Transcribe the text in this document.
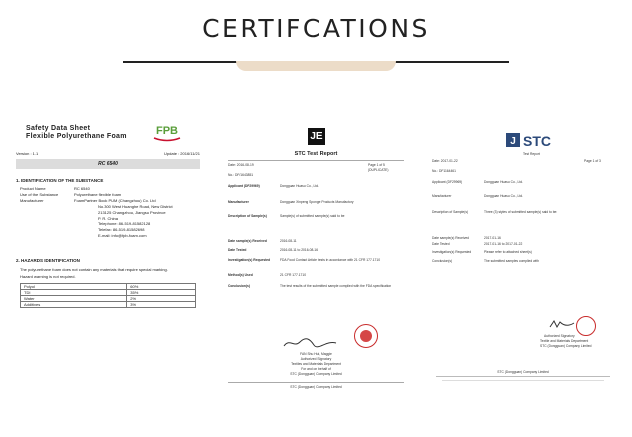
CERTIFCATIONS
Safety Data Sheet
Flexible Polyurethane Foam	FPB
Version : 1.1	Update : 2016/11/21
RC 6540
1. IDENTIFICATION OF THE SUBSTANCE
Product Name	RC 6540
Use of the Substance	Polyurethane flexible foam
Manufacturer	FoamPartner Bock PUM (Changzhou) Co. Ltd
No.300 West Huanghe Road, New District
213125 Changzhou, Jiangsu Province
P. R. China
Telephone: 86-519-81582128
Telefax: 86-519-81582698
E-mail: info@fpb-foam.com
2. HAZARDS IDENTIFICATION
The polyurethane foam does not contain any materials that require special marking.
Hazard warning is not required.
Polyol	60%
TDI	35%
Water	2%
Additives	3%
JE
STC Test Report
Date: 2016-08-19	Page 1 of 5
(DUPLICATE)
No.: DF/1643851
Applicant (DF29969)	Dongguan Huasu Co., Ltd.
Manufacturer	Dongguan Xinpeng Sponge Products Manufactory
Description of Sample(s)	Sample(s) of submitted sample(s) said to be
Date sample(s) Received	2016-08-11
Date Tested	2016-08-11 to 2016-08-16
Investigation(s) Requested	FDA Food Contact Article tests in accordance with 21 CFR 177.1710
Method(s) Used	21 CFR 177.1710
Conclusion(s)	The test results of the submitted sample complied with the FDA specification
FAN Shu Hui, Maggie
Authorized Signatory
Textiles and Materials Department
For and on behalf of
STC (Dongguan) Company Limited
STC (Dongguan) Company Limited
J STC
Test Report
Date: 2017-01-22	Page 1 of 3
No.: DF1164461
Applicant (DF29969)	Dongguan Huasu Co., Ltd.
Manufacturer	Dongguan Huasu Co., Ltd.
Description of Sample(s)	Three (3) styles of submitted sample(s) said to be:
Date sample(s) Received	2017-01-16
Date Tested	2017-01-16 to 2017-01-22
Investigation(s) Requested	Please refer to attached sheet(s)
Conclusion(s)	The submitted samples complied with
Authorized Signatory
Textile and Materials Department
STC (Dongguan) Company Limited
STC (Dongguan) Company Limited
